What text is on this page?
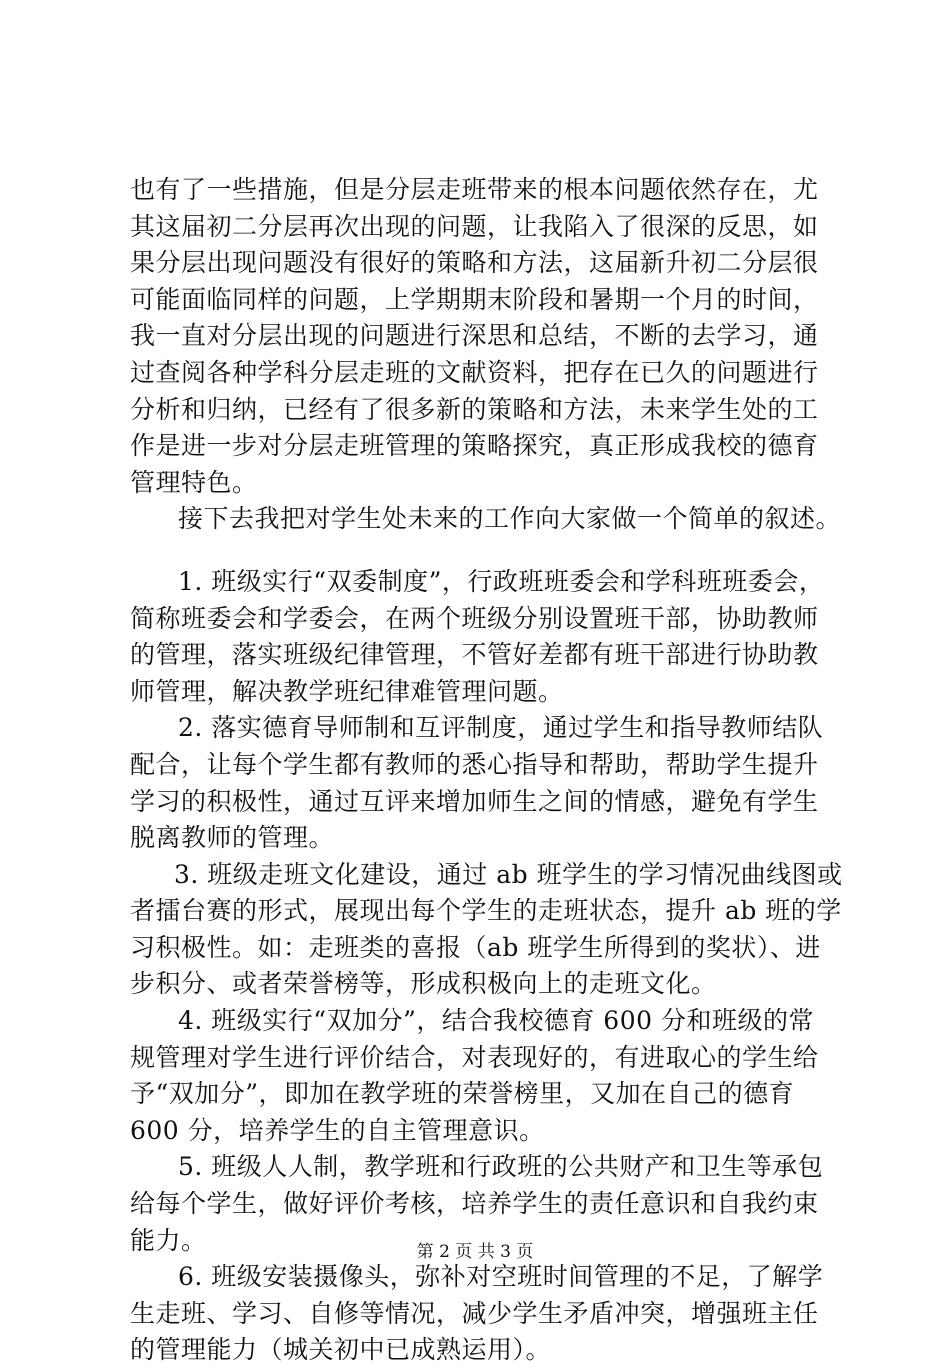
也有了一些措施，但是分层走班带来的根本问题依然存在，尤
其这届初二分层再次出现的问题，让我陷入了很深的反思，如
果分层出现问题没有很好的策略和方法，这届新升初二分层很
可能面临同样的问题，上学期期末阶段和暑期一个月的时间，
我一直对分层出现的问题进行深思和总结，不断的去学习，通
过查阅各种学科分层走班的文献资料，把存在已久的问题进行
分析和归纳，已经有了很多新的策略和方法，未来学生处的工
作是进一步对分层走班管理的策略探究，真正形成我校的德育
管理特色。
接下去我把对学生处未来的工作向大家做一个简单的叙述。
1. 班级实行“双委制度”，行政班班委会和学科班班委会，
简称班委会和学委会，在两个班级分别设置班干部，协助教师
的管理，落实班级纪律管理，不管好差都有班干部进行协助教
师管理，解决教学班纪律难管理问题。
2. 落实德育导师制和互评制度，通过学生和指导教师结队
配合，让每个学生都有教师的悉心指导和帮助，帮助学生提升
学习的积极性，通过互评来增加师生之间的情感，避免有学生
脱离教师的管理。
3. 班级走班文化建设，通过 ab 班学生的学习情况曲线图或
者擂台赛的形式，展现出每个学生的走班状态，提升 ab 班的学
习积极性。如：走班类的喜报（ab 班学生所得到的奖状）、进
步积分、或者荣誉榜等，形成积极向上的走班文化。
4. 班级实行“双加分”，结合我校德育 600 分和班级的常
规管理对学生进行评价结合，对表现好的，有进取心的学生给
予“双加分”，即加在教学班的荣誉榜里，又加在自己的德育
600 分，培养学生的自主管理意识。
5. 班级人人制，教学班和行政班的公共财产和卫生等承包
给每个学生，做好评价考核，培养学生的责任意识和自我约束
能力。
6. 班级安装摄像头，弥补对空班时间管理的不足，了解学
生走班、学习、自修等情况，减少学生矛盾冲突，增强班主任
的管理能力（城关初中已成熟运用）。
第 2 页 共 3 页
